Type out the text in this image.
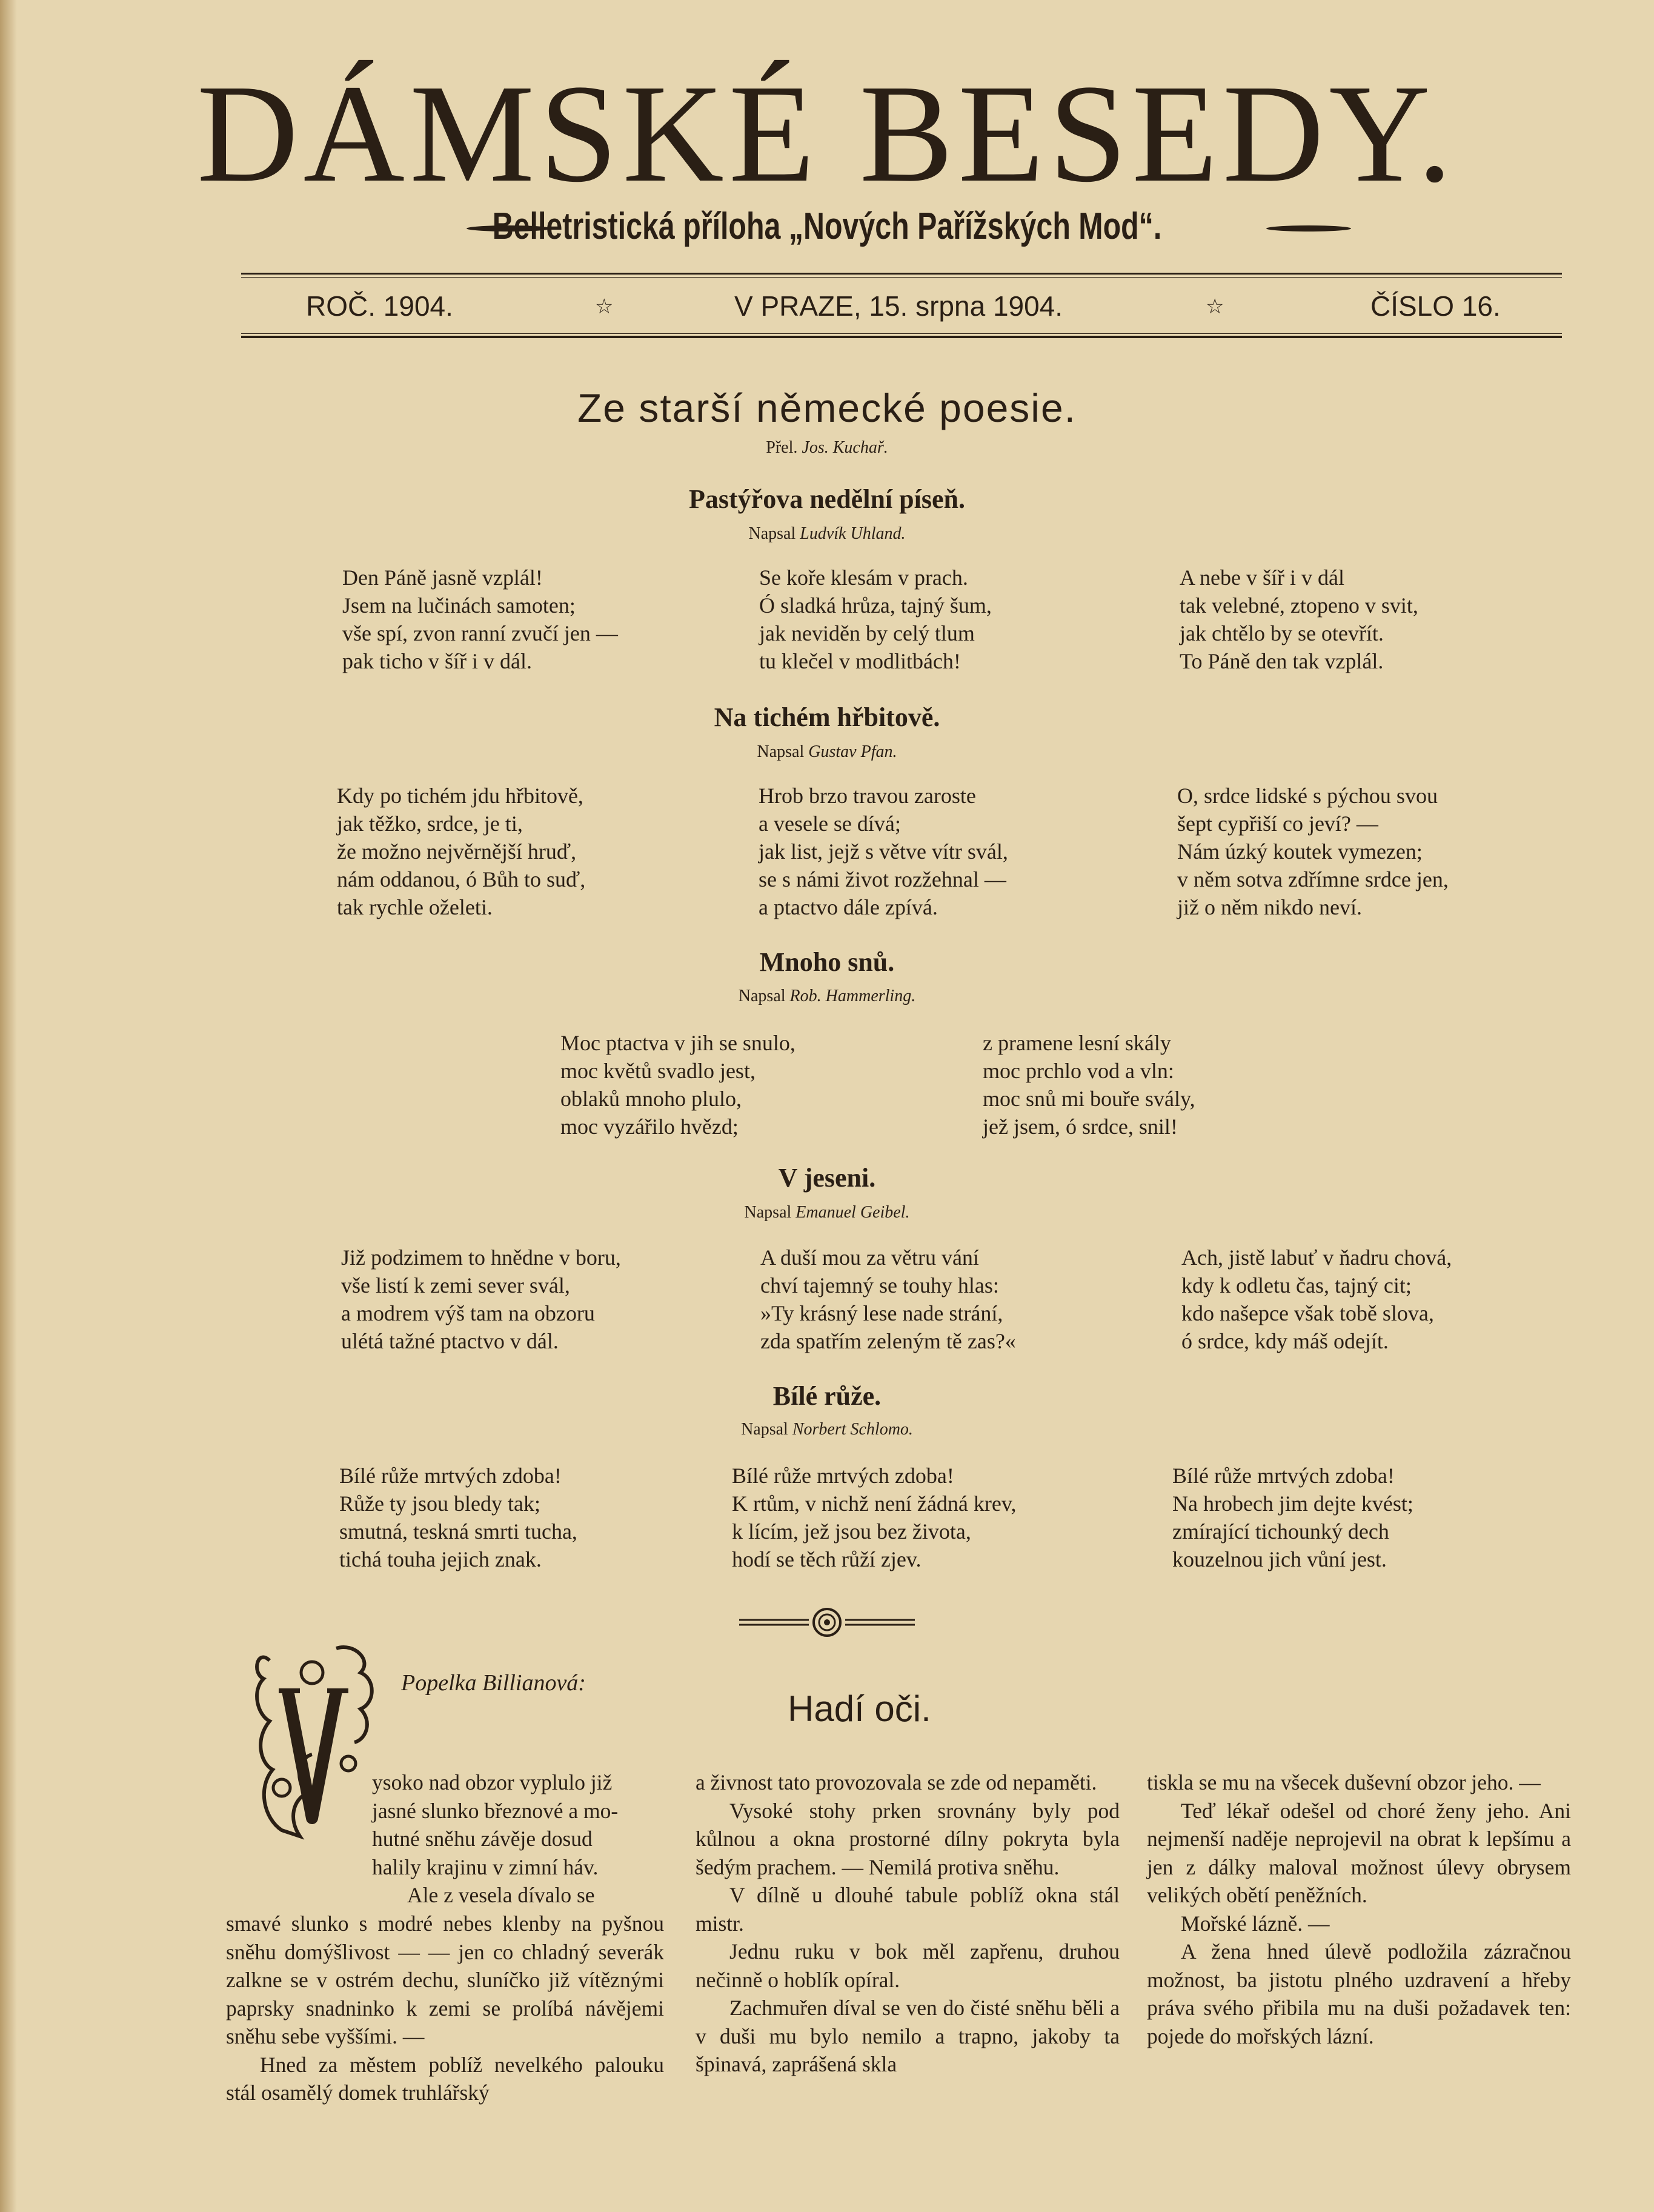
DÁMSKÉ BESEDY.
Belletristická příloha „Nových Pařížských Mod“.
ROČ. 1904.	☆	V PRAZE, 15. srpna 1904.	☆	ČÍSLO 16.
Ze starší německé poesie.
Přel. Jos. Kuchař.
Pastýřova nedělní píseň.
Napsal Ludvík Uhland.
Den Páně jasně vzplál!
Jsem na lučinách samoten;
vše spí, zvon ranní zvučí jen —
pak ticho v šíř i v dál.
Se koře klesám v prach.
Ó sladká hrůza, tajný šum,
jak neviděn by celý tlum
tu klečel v modlitbách!
A nebe v šíř i v dál
tak velebné, ztopeno v svit,
jak chtělo by se otevřít.
To Páně den tak vzplál.
Na tichém hřbitově.
Napsal Gustav Pfan.
Kdy po tichém jdu hřbitově,
jak těžko, srdce, je ti,
že možno nejvěrnější hruď,
nám oddanou, ó Bůh to suď,
tak rychle oželeti.
Hrob brzo travou zaroste
a vesele se dívá;
jak list, jejž s větve vítr svál,
se s námi život rozžehnal —
a ptactvo dále zpívá.
O, srdce lidské s pýchou svou
šept cypřiší co jeví? —
Nám úzký koutek vymezen;
v něm sotva zdřímne srdce jen,
již o něm nikdo neví.
Mnoho snů.
Napsal Rob. Hammerling.
Moc ptactva v jih se snulo,
moc květů svadlo jest,
oblaků mnoho plulo,
moc vyzářilo hvězd;
z pramene lesní skály
moc prchlo vod a vln:
moc snů mi bouře svály,
jež jsem, ó srdce, snil!
V jeseni.
Napsal Emanuel Geibel.
Již podzimem to hnědne v boru,
vše listí k zemi sever svál,
a modrem výš tam na obzoru
ulétá tažné ptactvo v dál.
A duší mou za větru vání
chví tajemný se touhy hlas:
»Ty krásný lese nade strání,
zda spatřím zeleným tě zas?«
Ach, jistě labuť v ňadru chová,
kdy k odletu čas, tajný cit;
kdo našepce však tobě slova,
ó srdce, kdy máš odejít.
Bílé růže.
Napsal Norbert Schlomo.
Bílé růže mrtvých zdoba!
Růže ty jsou bledy tak;
smutná, teskná smrti tucha,
tichá touha jejich znak.
Bílé růže mrtvých zdoba!
K rtům, v nichž není žádná krev,
k lícím, jež jsou bez života,
hodí se těch růží zjev.
Bílé růže mrtvých zdoba!
Na hrobech jim dejte kvést;
zmírající tichounký dech
kouzelnou jich vůní jest.
Popelka Billianová:
Hadí oči.

ysoko nad obzor vyplulo již

jasné slunko březnové a mo-

hutné sněhu závěje dosud

halily krajinu v zimní háv.

Ale z vesela dívalo se

smavé slunko s modré nebes klenby na pyšnou sněhu domýšlivost — — jen co chladný severák zalkne se v ostrém dechu, sluníčko již vítěznými paprsky snadninko k zemi se prolíbá návějemi sněhu sebe vyššími. —

Hned za městem poblíž nevelkého palouku stál osamělý domek truhlářský

a živnost tato provozovala se zde od nepaměti.

Vysoké stohy prken srovnány byly pod kůlnou a okna prostorné dílny pokryta byla šedým prachem. — Nemilá protiva sněhu.

V dílně u dlouhé tabule poblíž okna stál mistr.

Jednu ruku v bok měl zapřenu, druhou nečinně o hoblík opíral.

Zachmuřen díval se ven do čisté sněhu běli a v duši mu bylo nemilo a trapno, jakoby ta špinavá, zaprášená skla

tiskla se mu na všecek duševní obzor jeho. —

Teď lékař odešel od choré ženy jeho. Ani nejmenší naděje neprojevil na obrat k lepšímu a jen z dálky maloval možnost úlevy obrysem velikých obětí peněžních.

Mořské lázně. —

A žena hned úlevě podložila zázračnou možnost, ba jistotu plného uzdravení a hřeby práva svého přibila mu na duši požadavek ten: pojede do mořských lázní.
